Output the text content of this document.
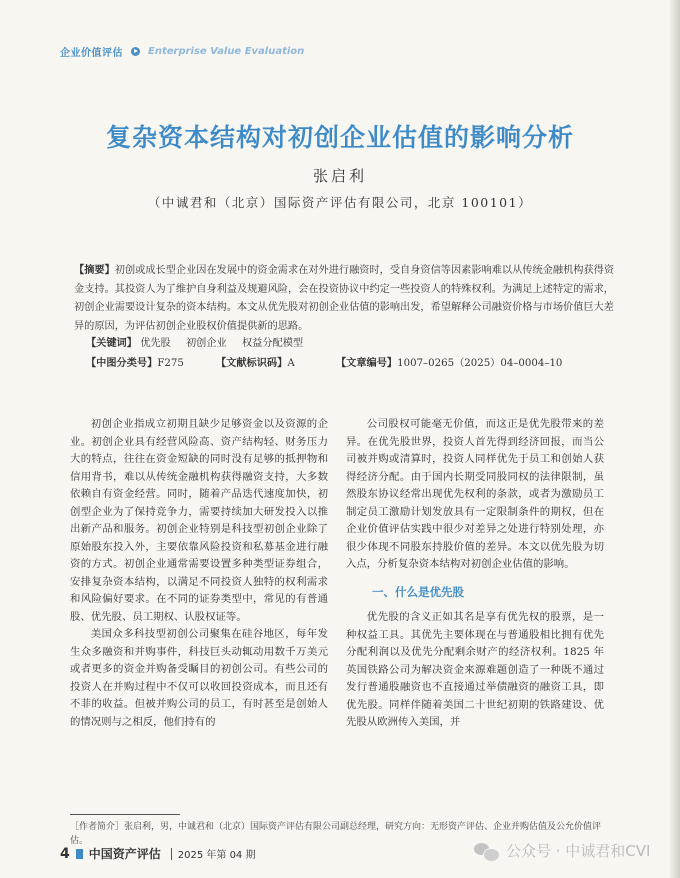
企业价值评估	Enterprise Value Evaluation
复杂资本结构对初创企业估值的影响分析
张启利
（中诚君和（北京）国际资产评估有限公司，北京 100101）
【摘要】初创或成长型企业因在发展中的资金需求在对外进行融资时，受自身资信等因素影响难以从传统金融机构获得资金支持。其投资人为了维护自身利益及规避风险，会在投资协议中约定一些投资人的特殊权利。为满足上述特定的需求，初创企业需要设计复杂的资本结构。本文从优先股对初创企业估值的影响出发，希望解释公司融资价格与市场价值巨大差异的原因，为评估初创企业股权价值提供新的思路。
【关键词】 优先股 初创企业 权益分配模型
【中图分类号】F275	【文献标识码】A	【文章编号】1007–0265（2025）04–0004–10

初创企业指成立初期且缺少足够资金以及资源的企业。初创企业具有经营风险高、资产结构轻、财务压力大的特点，往往在资金短缺的同时没有足够的抵押物和信用背书，难以从传统金融机构获得融资支持，大多数依赖自有资金经营。同时，随着产品迭代速度加快，初创型企业为了保持竞争力，需要持续加大研发投入以推出新产品和服务。初创企业特别是科技型初创企业除了原始股东投入外，主要依靠风险投资和私募基金进行融资的方式。初创企业通常需要设置多种类型证券组合，安排复杂资本结构，以满足不同投资人独特的权利需求和风险偏好要求。在不同的证券类型中，常见的有普通股、优先股、员工期权、认股权证等。

美国众多科技型初创公司聚集在硅谷地区，每年发生众多融资和并购事件，科技巨头动辄动用数千万美元或者更多的资金并购备受瞩目的初创公司。有些公司的投资人在并购过程中不仅可以收回投资成本，而且还有不菲的收益。但被并购公司的员工，有时甚至是创始人的情况则与之相反，他们持有的

公司股权可能毫无价值，而这正是优先股带来的差异。在优先股世界，投资人首先得到经济回报，而当公司被并购或清算时，投资人同样优先于员工和创始人获得经济分配。由于国内长期受同股同权的法律限制，虽然股东协议经常出现优先权利的条款，或者为激励员工制定员工激励计划发放具有一定限制条件的期权，但在企业价值评估实践中很少对差异之处进行特别处理，亦很少体现不同股东持股价值的差异。本文以优先股为切入点，分析复杂资本结构对初创企业估值的影响。

一、什么是优先股

优先股的含义正如其名是享有优先权的股票，是一种权益工具。其优先主要体现在与普通股相比拥有优先分配利润以及优先分配剩余财产的经济权利。1825 年英国铁路公司为解决资金来源难题创造了一种既不通过发行普通股融资也不直接通过举债融资的融资工具，即优先股。同样伴随着美国二十世纪初期的铁路建设、优先股从欧洲传入美国，并

［作者简介］张启利，男，中诚君和（北京）国际资产评估有限公司副总经理，研究方向：无形资产评估、企业并购估值及公允价值评估。
4 中国资产评估 2025 年第 04 期	公众号 · 中诚君和CVI
